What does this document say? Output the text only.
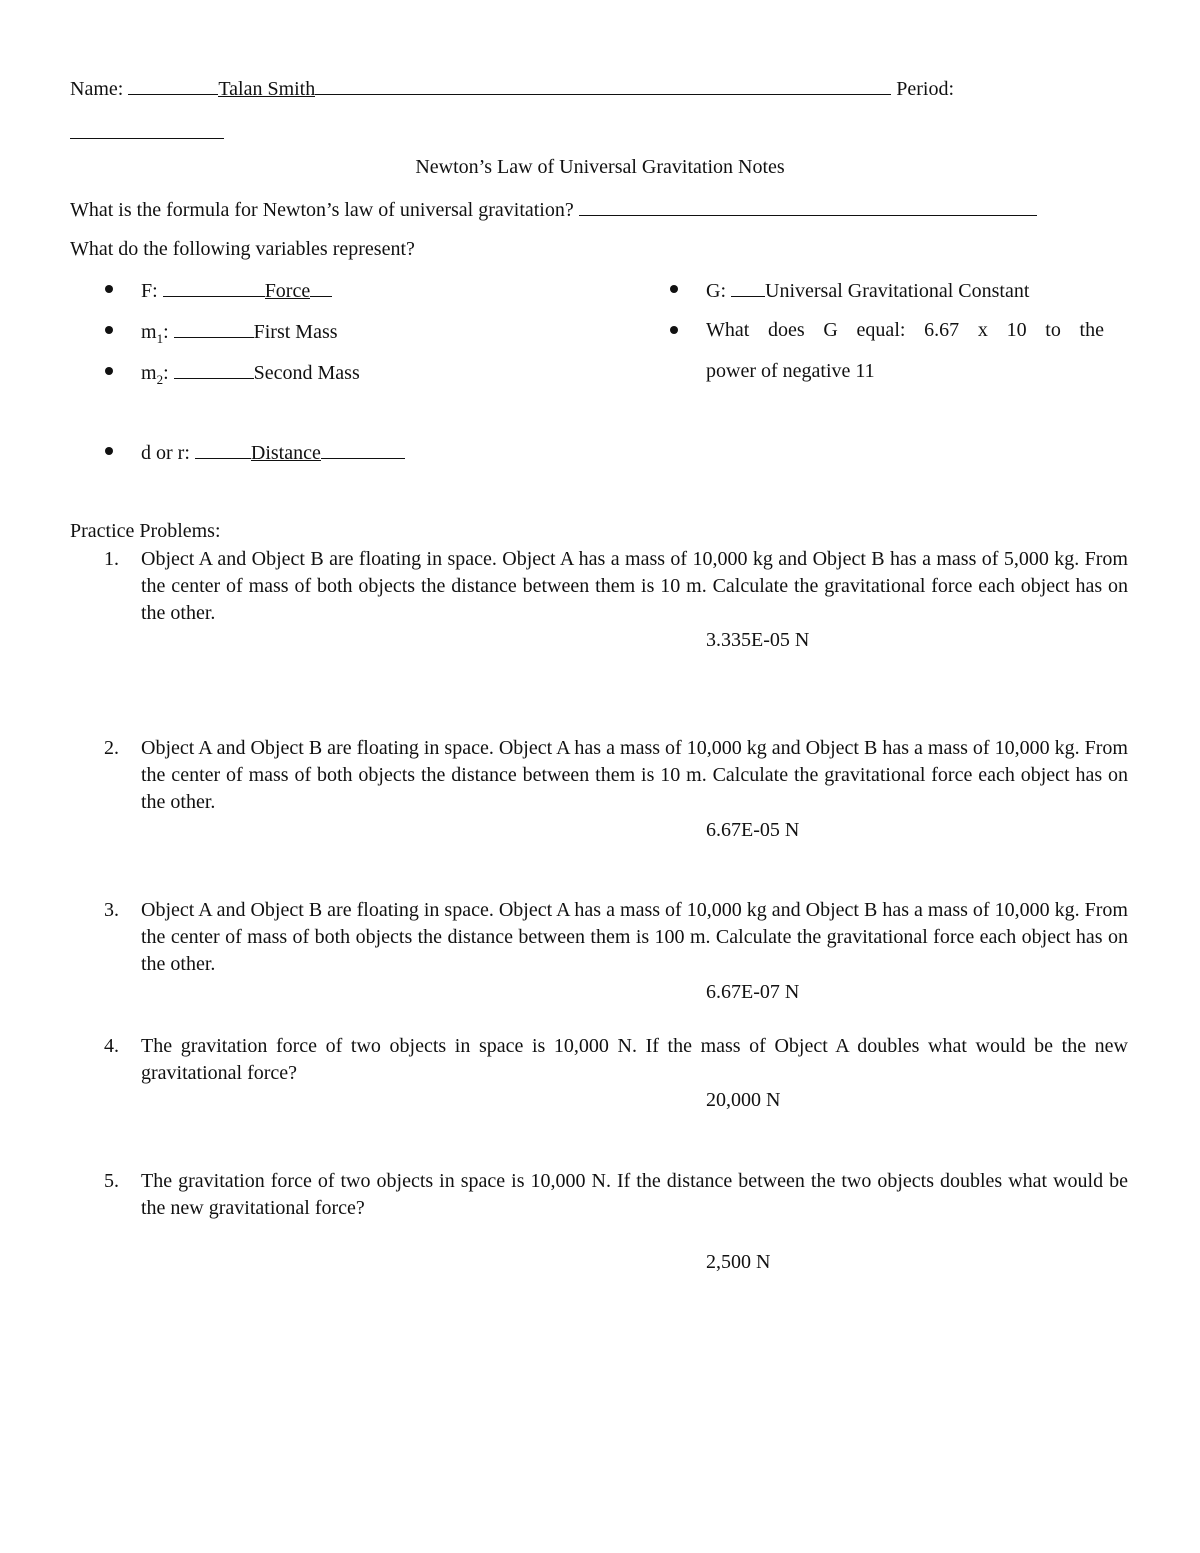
Name:	Talan Smith	Period:
Newton’s Law of Universal Gravitation Notes
What is the formula for Newton’s law of universal gravitation?
What do the following variables represent?
F:	Force
$m_1$:	First Mass
$m_2$:	Second Mass
d or r:	Distance
G: Universal Gravitational Constant
What does G equal: 6.67 x 10 to the
power of negative 11
Practice Problems:
1. Object A and Object B are floating in space. Object A has a mass of 10,000 kg and Object B has a mass of 5,000 kg. From the center of mass of both objects the distance between them is 10 m. Calculate the gravitational force each object has on the other.
3.335E-05 N
2. Object A and Object B are floating in space. Object A has a mass of 10,000 kg and Object B has a mass of 10,000 kg. From the center of mass of both objects the distance between them is 10 m. Calculate the gravitational force each object has on the other.
6.67E-05 N
3. Object A and Object B are floating in space. Object A has a mass of 10,000 kg and Object B has a mass of 10,000 kg. From the center of mass of both objects the distance between them is 100 m. Calculate the gravitational force each object has on the other.
6.67E-07 N
4. The gravitation force of two objects in space is 10,000 N. If the mass of Object A doubles what would be the new gravitational force?
20,000 N
5. The gravitation force of two objects in space is 10,000 N. If the distance between the two objects doubles what would be the new gravitational force?
2,500 N
